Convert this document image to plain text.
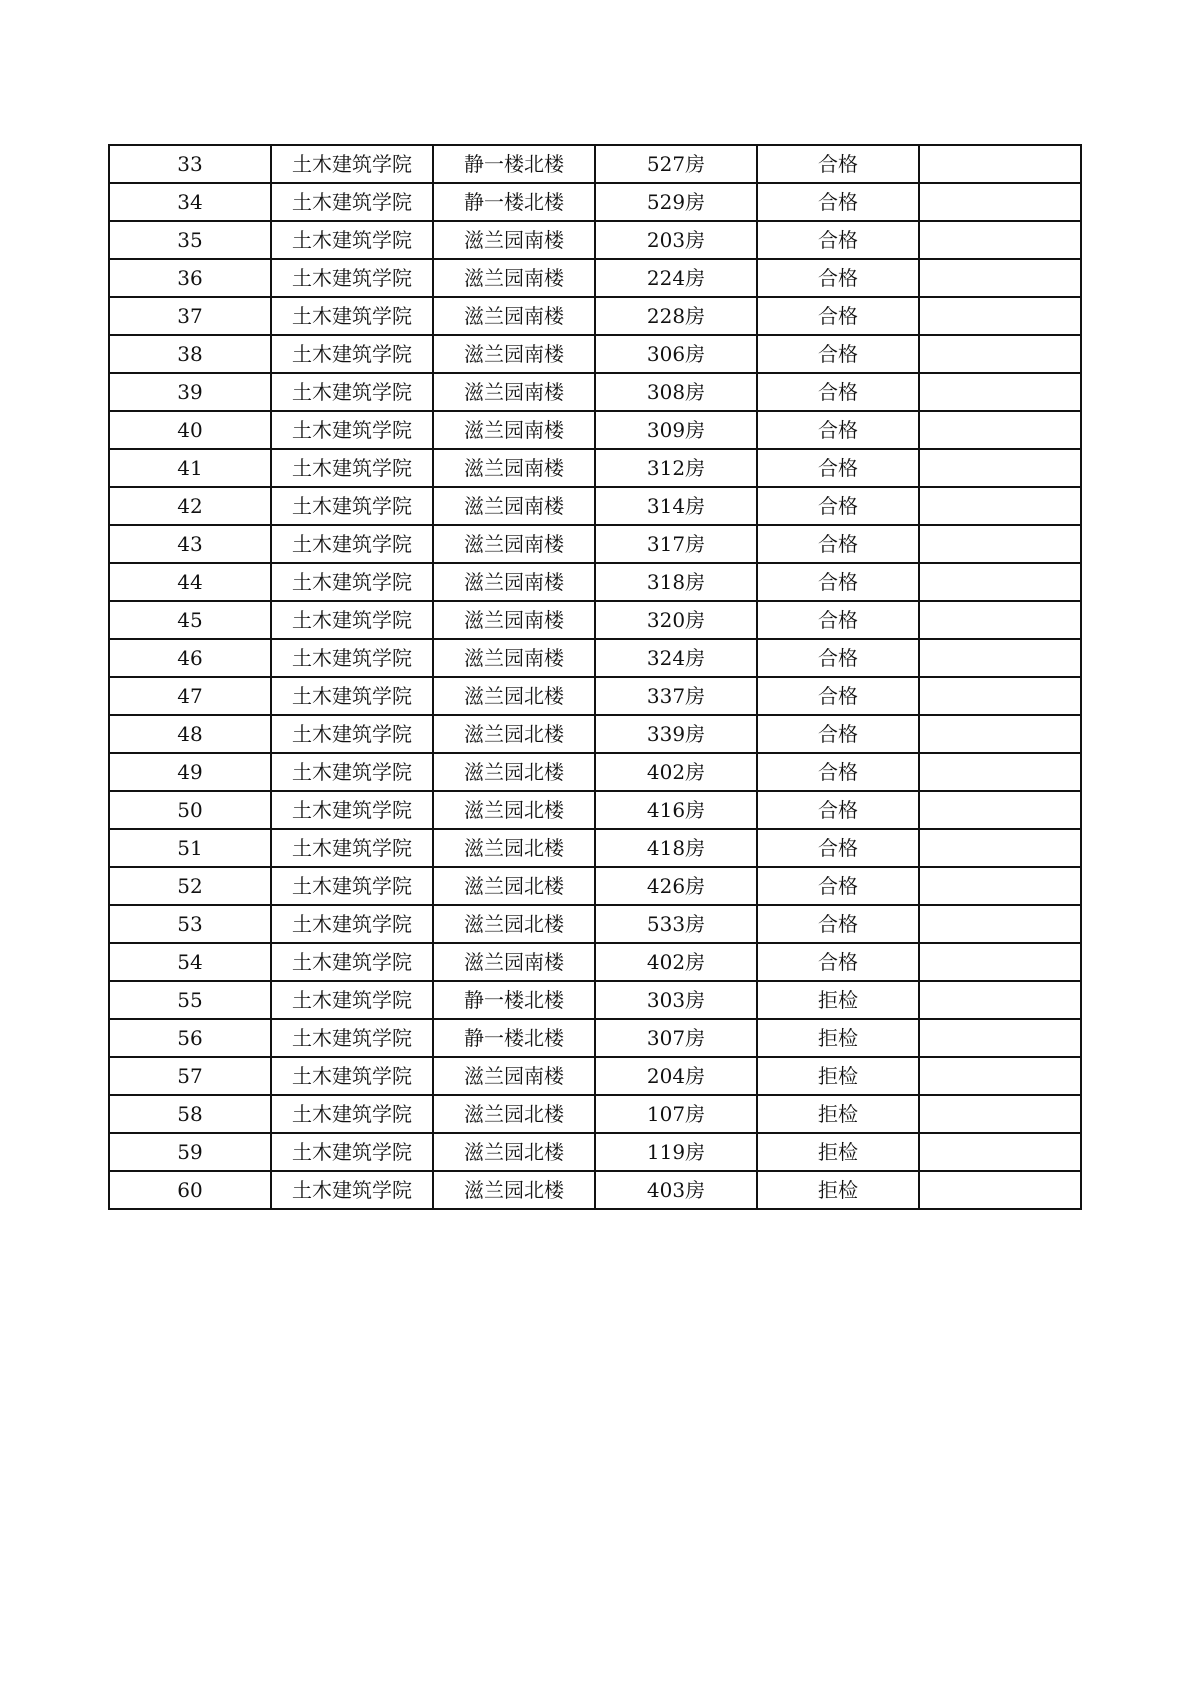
33	土木建筑学院	静一楼北楼	527房	合格	
34	土木建筑学院	静一楼北楼	529房	合格	
35	土木建筑学院	滋兰园南楼	203房	合格	
36	土木建筑学院	滋兰园南楼	224房	合格	
37	土木建筑学院	滋兰园南楼	228房	合格	
38	土木建筑学院	滋兰园南楼	306房	合格	
39	土木建筑学院	滋兰园南楼	308房	合格	
40	土木建筑学院	滋兰园南楼	309房	合格	
41	土木建筑学院	滋兰园南楼	312房	合格	
42	土木建筑学院	滋兰园南楼	314房	合格	
43	土木建筑学院	滋兰园南楼	317房	合格	
44	土木建筑学院	滋兰园南楼	318房	合格	
45	土木建筑学院	滋兰园南楼	320房	合格	
46	土木建筑学院	滋兰园南楼	324房	合格	
47	土木建筑学院	滋兰园北楼	337房	合格	
48	土木建筑学院	滋兰园北楼	339房	合格	
49	土木建筑学院	滋兰园北楼	402房	合格	
50	土木建筑学院	滋兰园北楼	416房	合格	
51	土木建筑学院	滋兰园北楼	418房	合格	
52	土木建筑学院	滋兰园北楼	426房	合格	
53	土木建筑学院	滋兰园北楼	533房	合格	
54	土木建筑学院	滋兰园南楼	402房	合格	
55	土木建筑学院	静一楼北楼	303房	拒检	
56	土木建筑学院	静一楼北楼	307房	拒检	
57	土木建筑学院	滋兰园南楼	204房	拒检	
58	土木建筑学院	滋兰园北楼	107房	拒检	
59	土木建筑学院	滋兰园北楼	119房	拒检	
60	土木建筑学院	滋兰园北楼	403房	拒检	
